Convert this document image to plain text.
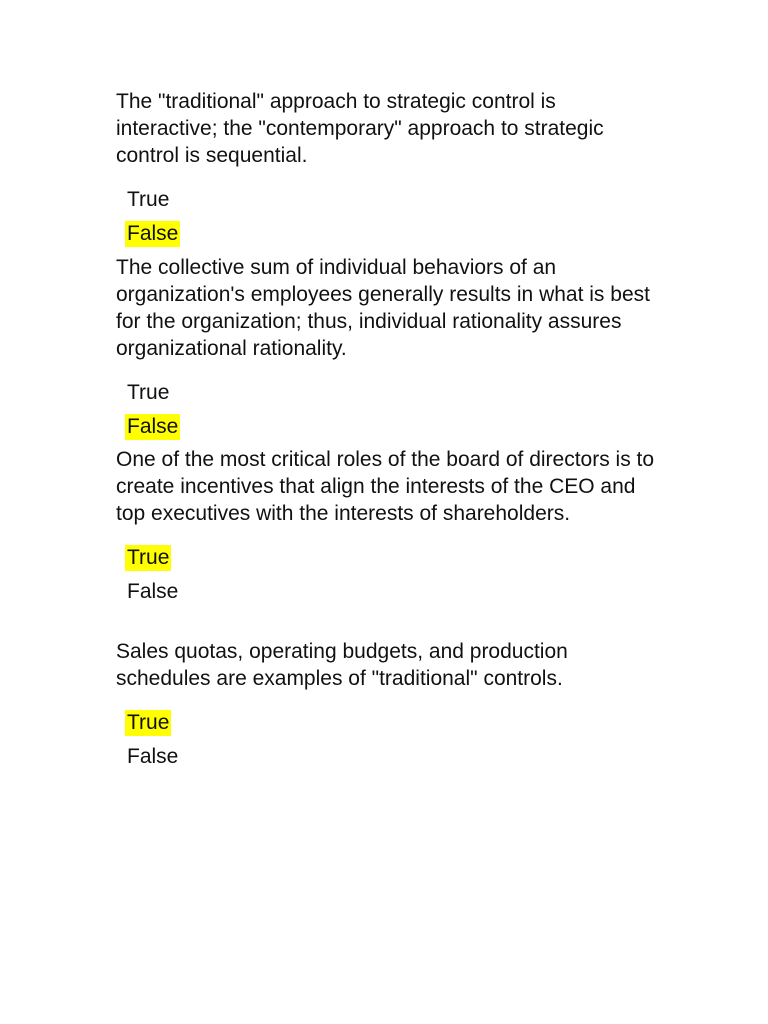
The "traditional" approach to strategic control is interactive; the "contemporary" approach to strategic control is sequential.

True
False

The collective sum of individual behaviors of an organization's employees generally results in what is best for the organization; thus, individual rationality assures organizational rationality.

True
False

One of the most critical roles of the board of directors is to create incentives that align the interests of the CEO and top executives with the interests of shareholders.

True
False

Sales quotas, operating budgets, and production schedules are examples of "traditional" controls.

True
False
